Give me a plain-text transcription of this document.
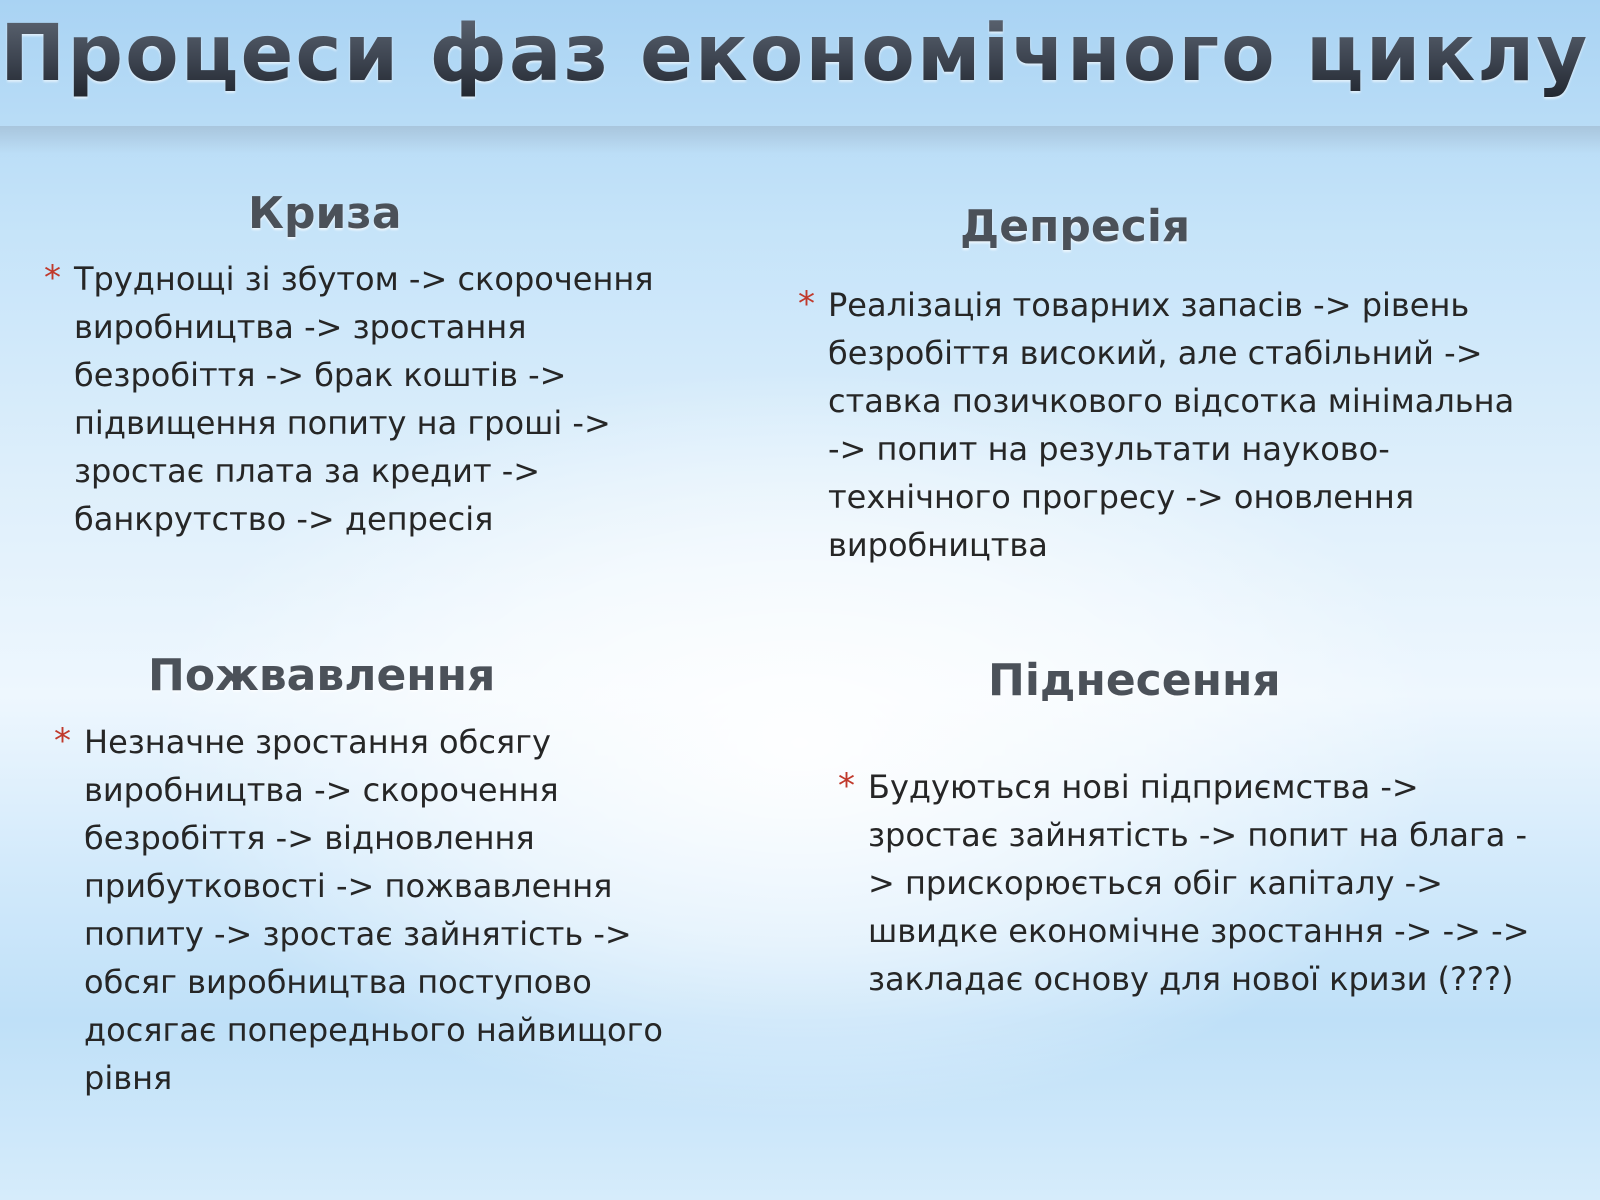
Процеси фаз економічного циклу
Криза
* Труднощі зі збутом -> скорочення виробництва -> зростання безробіття -> брак коштів -> підвищення попиту на гроші -> зростає плата за кредит -> банкрутство -> депресія
Депресія
* Реалізація товарних запасів -> рівень безробіття високий, але стабільний -> ставка позичкового відсотка мінімальна -> попит на результати науково-технічного прогресу -> оновлення виробництва
Пожвавлення
* Незначне зростання обсягу виробництва -> скорочення безробіття -> відновлення прибутковості -> пожвавлення попиту -> зростає зайнятість -> обсяг виробництва поступово досягає попереднього найвищого рівня
Піднесення
* Будуються нові підприємства -> зростає зайнятість -> попит на блага -> прискорюється обіг капіталу -> швидке економічне зростання -> -> -> закладає основу для нової кризи (???)
